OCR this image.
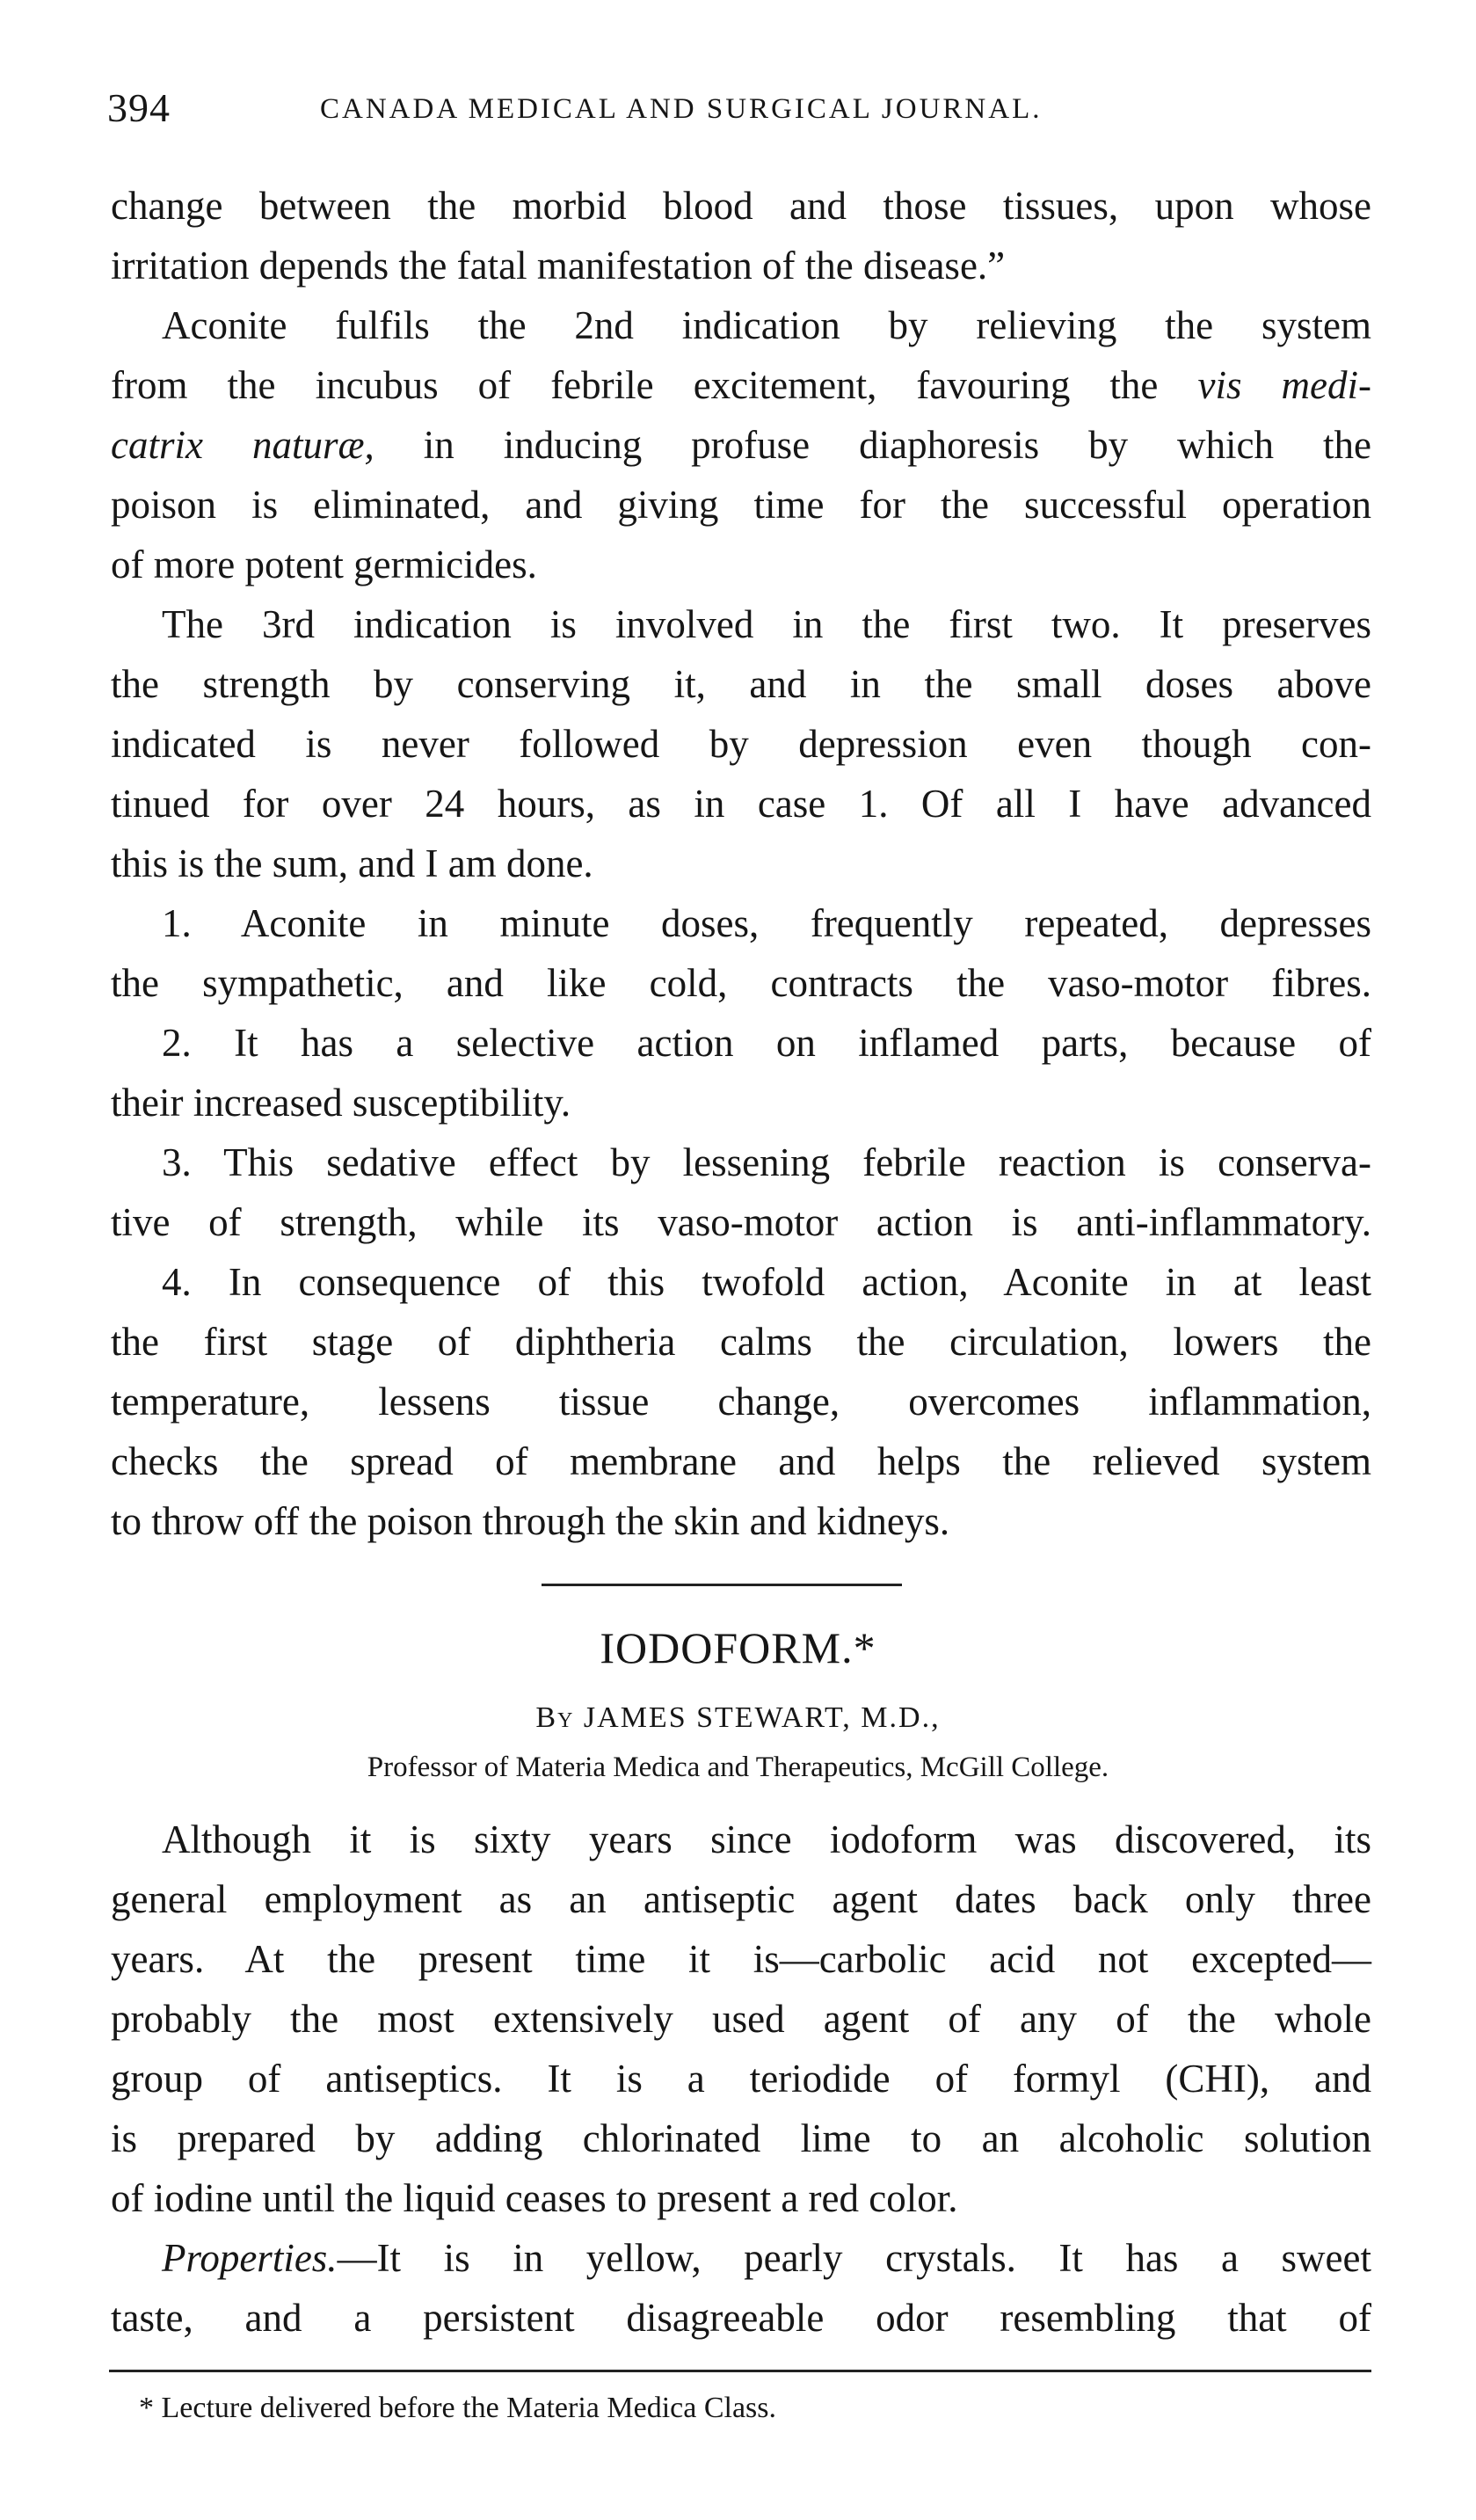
394	CANADA MEDICAL AND SURGICAL JOURNAL.
change between the morbid blood and those tissues, upon whose
irritation depends the fatal manifestation of the disease.”
Aconite fulfils the 2nd indication by relieving the system
from the incubus of febrile excitement, favouring the vis medi-
catrix naturæ, in inducing profuse diaphoresis by which the
poison is eliminated, and giving time for the successful operation
of more potent germicides.
The 3rd indication is involved in the first two. It preserves
the strength by conserving it, and in the small doses above
indicated is never followed by depression even though con-
tinued for over 24 hours, as in case 1. Of all I have advanced
this is the sum, and I am done.
1. Aconite in minute doses, frequently repeated, depresses
the sympathetic, and like cold, contracts the vaso-motor fibres.
2. It has a selective action on inflamed parts, because of
their increased susceptibility.
3. This sedative effect by lessening febrile reaction is conserva-
tive of strength, while its vaso-motor action is anti-inflammatory.
4. In consequence of this twofold action, Aconite in at least
the first stage of diphtheria calms the circulation, lowers the
temperature, lessens tissue change, overcomes inflammation,
checks the spread of membrane and helps the relieved system
to throw off the poison through the skin and kidneys.
IODOFORM.*
By JAMES STEWART, M.D.,
Professor of Materia Medica and Therapeutics, McGill College.
Although it is sixty years since iodoform was discovered, its
general employment as an antiseptic agent dates back only three
years. At the present time it is—carbolic acid not excepted—
probably the most extensively used agent of any of the whole
group of antiseptics. It is a teriodide of formyl (CHI), and
is prepared by adding chlorinated lime to an alcoholic solution
of iodine until the liquid ceases to present a red color.
Properties.—It is in yellow, pearly crystals. It has a sweet
taste, and a persistent disagreeable odor resembling that of
* Lecture delivered before the Materia Medica Class.
